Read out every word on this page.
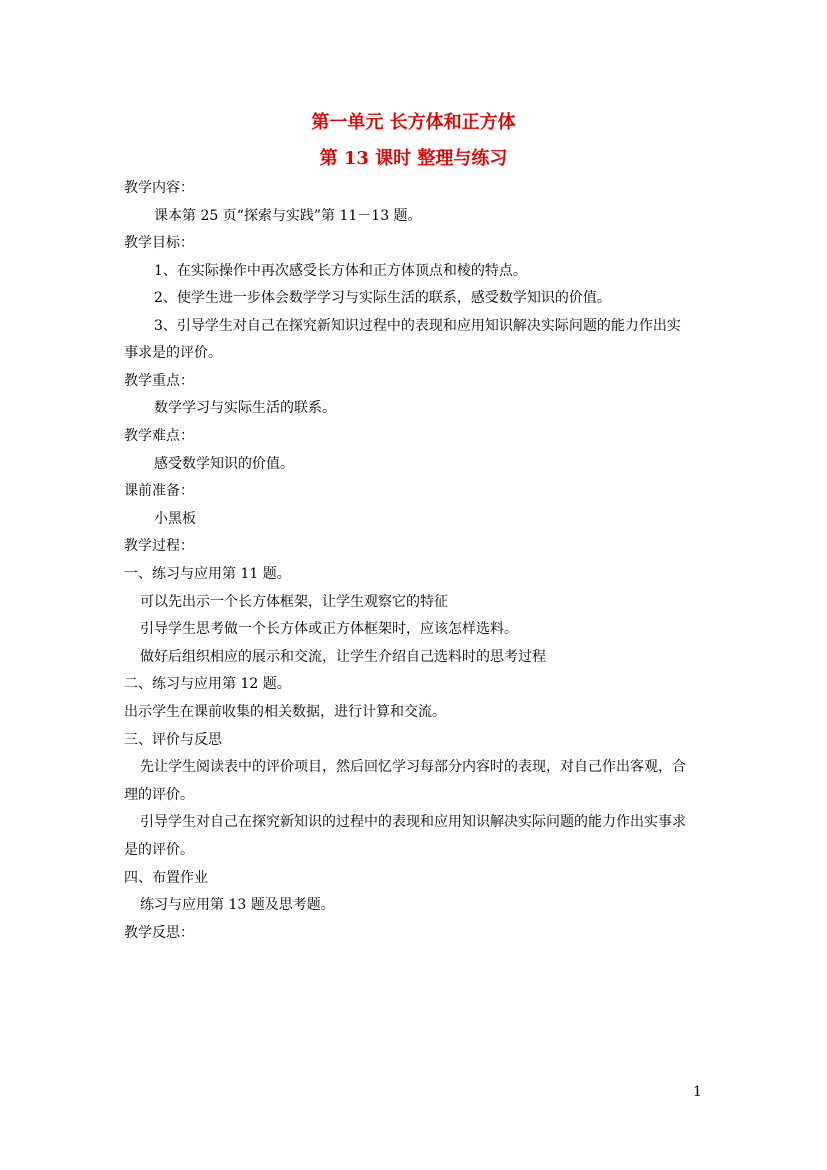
第一单元 长方体和正方体
第 13 课时 整理与练习
教学内容：
课本第 25 页“探索与实践”第 11－13 题。
教学目标：
1、在实际操作中再次感受长方体和正方体顶点和棱的特点。
2、使学生进一步体会数学学习与实际生活的联系，感受数学知识的价值。
3、引导学生对自己在探究新知识过程中的表现和应用知识解决实际问题的能力作出实
事求是的评价。
教学重点：
数学学习与实际生活的联系。
教学难点：
感受数学知识的价值。
课前准备：
小黑板
教学过程：
一、练习与应用第 11 题。
可以先出示一个长方体框架，让学生观察它的特征
引导学生思考做一个长方体或正方体框架时，应该怎样选料。
做好后组织相应的展示和交流，让学生介绍自己选料时的思考过程
二、练习与应用第 12 题。
出示学生在课前收集的相关数据，进行计算和交流。
三、评价与反思
先让学生阅读表中的评价项目，然后回忆学习每部分内容时的表现，对自己作出客观，合
理的评价。
引导学生对自己在探究新知识的过程中的表现和应用知识解决实际问题的能力作出实事求
是的评价。
四、布置作业
练习与应用第 13 题及思考题。
教学反思：
1
